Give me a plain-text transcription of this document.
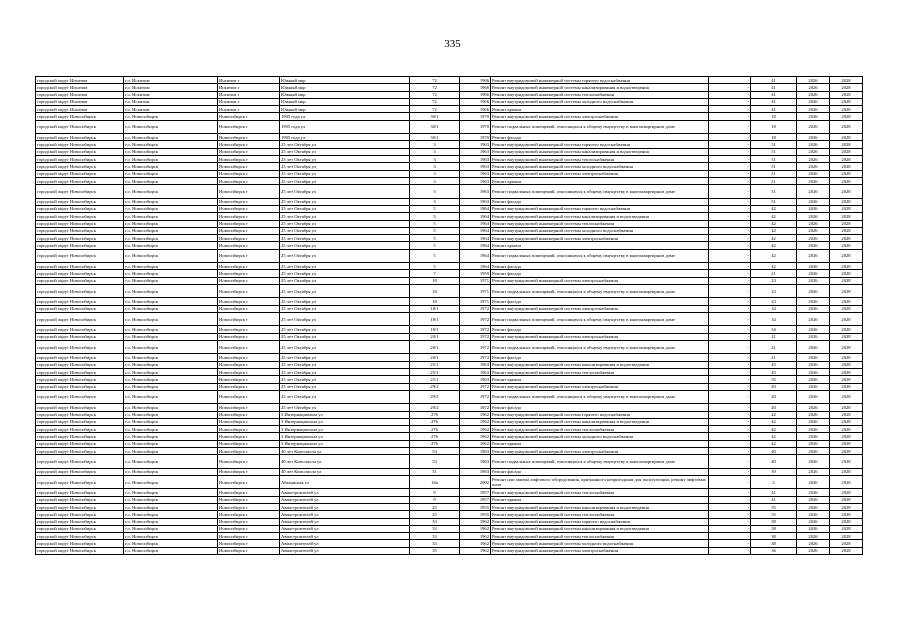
335
городской округ Искитим	г.о. Искитим	Искитим г	Южный мкр	72	1966	Ремонт внутридомовой инженерной системы горячего водоснабжения	-	41	2026	2028
городской округ Искитим	г.о. Искитим	Искитим г	Южный мкр	72	1966	Ремонт внутридомовой инженерной системы канализирования и водоотведения	-	41	2026	2028
городской округ Искитим	г.о. Искитим	Искитим г	Южный мкр	72	1966	Ремонт внутридомовой инженерной системы теплоснабжения	-	41	2026	2028
городской округ Искитим	г.о. Искитим	Искитим г	Южный мкр	72	1966	Ремонт внутридомовой инженерной системы холодного водоснабжения	-	41	2026	2028
городской округ Искитим	г.о. Искитим	Искитим г	Южный мкр	72	1966	Ремонт крыши	-	41	2026	2028
городской округ Новосибирск	г.о. Новосибирск	Новосибирск г	1905 года ул	30/1	1970	Ремонт внутридомовой инженерной системы электроснабжения	-	18	2026	2028
городской округ Новосибирск	г.о. Новосибирск	Новосибирск г	1905 года ул	30/1	1970	Ремонт подвальных помещений, относящихся к общему имуществу в многоквартирном доме	-	18	2026	2028
городской округ Новосибирск	г.о. Новосибирск	Новосибирск г	1905 года ул	30/1	1970	Ремонт фасада	-	18	2026	2028
городской округ Новосибирск	г.о. Новосибирск	Новосибирск г	25 лет Октября ул	3	1963	Ремонт внутридомовой инженерной системы горячего водоснабжения	-	51	2026	2028
городской округ Новосибирск	г.о. Новосибирск	Новосибирск г	25 лет Октября ул	3	1963	Ремонт внутридомовой инженерной системы канализирования и водоотведения	-	51	2026	2028
городской округ Новосибирск	г.о. Новосибирск	Новосибирск г	25 лет Октября ул	3	1963	Ремонт внутридомовой инженерной системы теплоснабжения	-	51	2026	2028
городской округ Новосибирск	г.о. Новосибирск	Новосибирск г	25 лет Октября ул	3	1963	Ремонт внутридомовой инженерной системы холодного водоснабжения	-	51	2026	2028
городской округ Новосибирск	г.о. Новосибирск	Новосибирск г	25 лет Октября ул	3	1963	Ремонт внутридомовой инженерной системы электроснабжения	-	51	2026	2028
городской округ Новосибирск	г.о. Новосибирск	Новосибирск г	25 лет Октября ул	3	1963	Ремонт крыши	-	51	2026	2028
городской округ Новосибирск	г.о. Новосибирск	Новосибирск г	25 лет Октября ул	3	1963	Ремонт подвальных помещений, относящихся к общему имуществу в многоквартирном доме	-	51	2026	2028
городской округ Новосибирск	г.о. Новосибирск	Новосибирск г	25 лет Октября ул	3	1963	Ремонт фасада	-	51	2026	2028
городской округ Новосибирск	г.о. Новосибирск	Новосибирск г	25 лет Октября ул	5	1964	Ремонт внутридомовой инженерной системы горячего водоснабжения	-	42	2026	2028
городской округ Новосибирск	г.о. Новосибирск	Новосибирск г	25 лет Октября ул	5	1964	Ремонт внутридомовой инженерной системы канализирования и водоотведения	-	42	2026	2028
городской округ Новосибирск	г.о. Новосибирск	Новосибирск г	25 лет Октября ул	5	1964	Ремонт внутридомовой инженерной системы теплоснабжения	-	42	2026	2028
городской округ Новосибирск	г.о. Новосибирск	Новосибирск г	25 лет Октября ул	5	1964	Ремонт внутридомовой инженерной системы холодного водоснабжения	-	42	2026	2028
городской округ Новосибирск	г.о. Новосибирск	Новосибирск г	25 лет Октября ул	5	1964	Ремонт внутридомовой инженерной системы электроснабжения	-	42	2026	2028
городской округ Новосибирск	г.о. Новосибирск	Новосибирск г	25 лет Октября ул	5	1964	Ремонт крыши	-	42	2026	2028
городской округ Новосибирск	г.о. Новосибирск	Новосибирск г	25 лет Октября ул	5	1964	Ремонт подвальных помещений, относящихся к общему имуществу в многоквартирном доме	-	42	2026	2028
городской округ Новосибирск	г.о. Новосибирск	Новосибирск г	25 лет Октября ул	5	1964	Ремонт фасада	-	42	2026	2028
городской округ Новосибирск	г.о. Новосибирск	Новосибирск г	25 лет Октября ул	7	1959	Ремонт фасада	-	21	2026	2028
городской округ Новосибирск	г.о. Новосибирск	Новосибирск г	25 лет Октября ул	18	1971	Ремонт внутридомовой инженерной системы электроснабжения	-	23	2026	2028
городской округ Новосибирск	г.о. Новосибирск	Новосибирск г	25 лет Октября ул	18	1971	Ремонт подвальных помещений, относящихся к общему имуществу в многоквартирном доме	-	23	2026	2028
городской округ Новосибирск	г.о. Новосибирск	Новосибирск г	25 лет Октября ул	18	1971	Ремонт фасада	-	23	2026	2028
городской округ Новосибирск	г.о. Новосибирск	Новосибирск г	25 лет Октября ул	18/1	1972	Ремонт внутридомовой инженерной системы электроснабжения	-	34	2026	2028
городской округ Новосибирск	г.о. Новосибирск	Новосибирск г	25 лет Октября ул	18/1	1972	Ремонт подвальных помещений, относящихся к общему имуществу в многоквартирном доме	-	34	2026	2028
городской округ Новосибирск	г.о. Новосибирск	Новосибирск г	25 лет Октября ул	18/1	1972	Ремонт фасада	-	34	2026	2028
городской округ Новосибирск	г.о. Новосибирск	Новосибирск г	25 лет Октября ул	20/1	1972	Ремонт внутридомовой инженерной системы электроснабжения	-	21	2026	2028
городской округ Новосибирск	г.о. Новосибирск	Новосибирск г	25 лет Октября ул	20/1	1972	Ремонт подвальных помещений, относящихся к общему имуществу в многоквартирном доме	-	21	2026	2028
городской округ Новосибирск	г.о. Новосибирск	Новосибирск г	25 лет Октября ул	20/1	1972	Ремонт фасада	-	21	2026	2028
городской округ Новосибирск	г.о. Новосибирск	Новосибирск г	25 лет Октября ул	25/1	1963	Ремонт внутридомовой инженерной системы канализирования и водоотведения	-	45	2026	2028
городской округ Новосибирск	г.о. Новосибирск	Новосибирск г	25 лет Октября ул	25/1	1963	Ремонт внутридомовой инженерной системы теплоснабжения	-	45	2026	2028
городской округ Новосибирск	г.о. Новосибирск	Новосибирск г	25 лет Октября ул	25/1	1963	Ремонт крыши	-	55	2026	2028
городской округ Новосибирск	г.о. Новосибирск	Новосибирск г	25 лет Октября ул	29/2	1972	Ремонт внутридомовой инженерной системы электроснабжения	-	20	2026	2028
городской округ Новосибирск	г.о. Новосибирск	Новосибирск г	25 лет Октября ул	29/2	1972	Ремонт подвальных помещений, относящихся к общему имуществу в многоквартирном доме	-	20	2026	2028
городской округ Новосибирск	г.о. Новосибирск	Новосибирск г	25 лет Октября ул	29/2	1972	Ремонт фасада	-	20	2026	2028
городской округ Новосибирск	г.о. Новосибирск	Новосибирск г	3 Интернационала ул	276	1962	Ремонт внутридомовой инженерной системы горячего водоснабжения	-	42	2026	2028
городской округ Новосибирск	г.о. Новосибирск	Новосибирск г	3 Интернационала ул	276	1962	Ремонт внутридомовой инженерной системы канализирования и водоотведения	-	42	2026	2028
городской округ Новосибирск	г.о. Новосибирск	Новосибирск г	3 Интернационала ул	276	1962	Ремонт внутридомовой инженерной системы теплоснабжения	-	42	2026	2028
городской округ Новосибирск	г.о. Новосибирск	Новосибирск г	3 Интернационала ул	276	1962	Ремонт внутридомовой инженерной системы холодного водоснабжения	-	42	2026	2028
городской округ Новосибирск	г.о. Новосибирск	Новосибирск г	3 Интернационала ул	276	1962	Ремонт крыши	-	42	2026	2028
городской округ Новосибирск	г.о. Новосибирск	Новосибирск г	40 лет Комсомола ул	53	1963	Ремонт внутридомовой инженерной системы электроснабжения	-	40	2026	2028
городской округ Новосибирск	г.о. Новосибирск	Новосибирск г	40 лет Комсомола ул	53	1963	Ремонт подвальных помещений, относящихся к общему имуществу в многоквартирном доме	-	40	2026	2028
городской округ Новосибирск	г.о. Новосибирск	Новосибирск г	40 лет Комсомола ул	51	1963	Ремонт фасада	-	39	2026	2028
городской округ Новосибирск	г.о. Новосибирск	Новосибирск г	Абаканская ул	16а	2002	Ремонт или замена лифтового оборудования, признанного непригодным для эксплуатации, ремонт лифтовых шахт	-	2	2026	2028
городской округ Новосибирск	г.о. Новосибирск	Новосибирск г	Авиастроителей ул	9	1957	Ремонт внутридомовой инженерной системы теплоснабжения	-	41	2026	2028
городской округ Новосибирск	г.о. Новосибирск	Новосибирск г	Авиастроителей ул	9	1957	Ремонт крыши	-	41	2026	2028
городской округ Новосибирск	г.о. Новосибирск	Новосибирск г	Авиастроителей ул	25	1955	Ремонт внутридомовой инженерной системы канализирования и водоотведения	-	55	2026	2028
городской округ Новосибирск	г.о. Новосибирск	Новосибирск г	Авиастроителей ул	25	1955	Ремонт внутридомовой инженерной системы теплоснабжения	-	55	2026	2028
городской округ Новосибирск	г.о. Новосибирск	Новосибирск г	Авиастроителей ул	33	1962	Ремонт внутридомовой инженерной системы горячего водоснабжения	-	38	2026	2028
городской округ Новосибирск	г.о. Новосибирск	Новосибирск г	Авиастроителей ул	33	1962	Ремонт внутридомовой инженерной системы канализирования и водоотведения	-	38	2026	2028
городской округ Новосибирск	г.о. Новосибирск	Новосибирск г	Авиастроителей ул	33	1962	Ремонт внутридомовой инженерной системы теплоснабжения	-	38	2026	2028
городской округ Новосибирск	г.о. Новосибирск	Новосибирск г	Авиастроителей ул	33	1962	Ремонт внутридомовой инженерной системы холодного водоснабжения	-	38	2026	2028
городской округ Новосибирск	г.о. Новосибирск	Новосибирск г	Авиастроителей ул	35	1962	Ремонт внутридомовой инженерной системы электроснабжения	-	36	2026	2028
